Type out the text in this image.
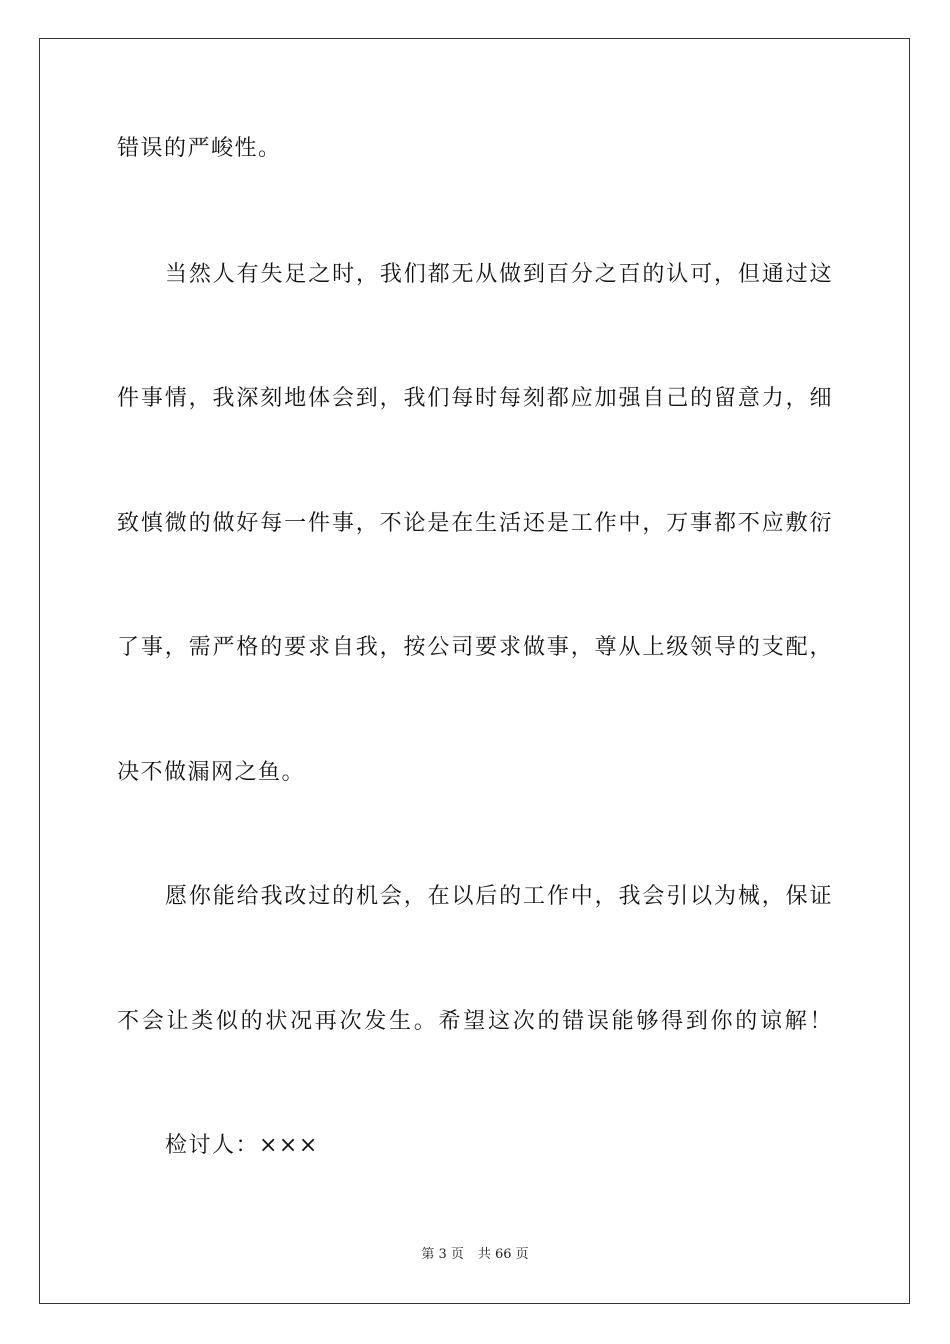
错误的严峻性。
当然人有失足之时，我们都无从做到百分之百的认可，但通过这
件事情，我深刻地体会到，我们每时每刻都应加强自己的留意力，细
致慎微的做好每一件事，不论是在生活还是工作中，万事都不应敷衍
了事，需严格的要求自我，按公司要求做事，尊从上级领导的支配，
决不做漏网之鱼。
愿你能给我改过的机会，在以后的工作中，我会引以为械，保证
不会让类似的状况再次发生。希望这次的错误能够得到你的谅解！
检讨人：×××
第 3 页 共 66 页
